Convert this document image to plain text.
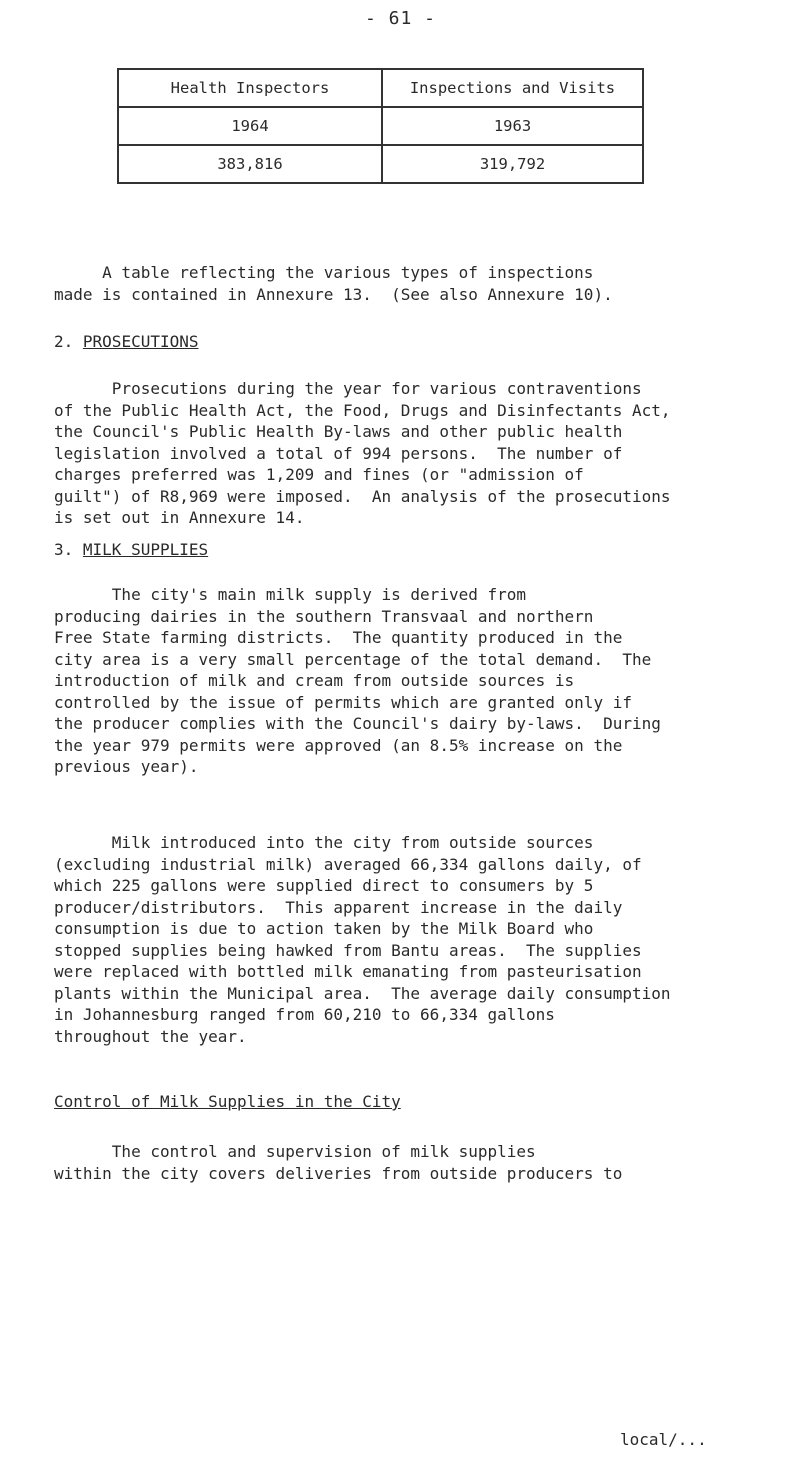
- 61 -
Health Inspectors	Inspections and Visits
1964	1963
383,816	319,792

A table reflecting the various types of inspections
made is contained in Annexure 13.  (See also Annexure 10).

2. PROSECUTIONS

Prosecutions during the year for various contraventions
of the Public Health Act, the Food, Drugs and Disinfectants Act,
the Council's Public Health By-laws and other public health
legislation involved a total of 994 persons.  The number of
charges preferred was 1,209 and fines (or "admission of
guilt") of R8,969 were imposed.  An analysis of the prosecutions
is set out in Annexure 14.

3. MILK SUPPLIES

The city's main milk supply is derived from
producing dairies in the southern Transvaal and northern
Free State farming districts.  The quantity produced in the
city area is a very small percentage of the total demand.  The
introduction of milk and cream from outside sources is
controlled by the issue of permits which are granted only if
the producer complies with the Council's dairy by-laws.  During
the year 979 permits were approved (an 8.5% increase on the
previous year).

Milk introduced into the city from outside sources
(excluding industrial milk) averaged 66,334 gallons daily, of
which 225 gallons were supplied direct to consumers by 5
producer/distributors.  This apparent increase in the daily
consumption is due to action taken by the Milk Board who
stopped supplies being hawked from Bantu areas.  The supplies
were replaced with bottled milk emanating from pasteurisation
plants within the Municipal area.  The average daily consumption
in Johannesburg ranged from 60,210 to 66,334 gallons
throughout the year.

Control of Milk Supplies in the City

The control and supervision of milk supplies
within the city covers deliveries from outside producers to

local/...
